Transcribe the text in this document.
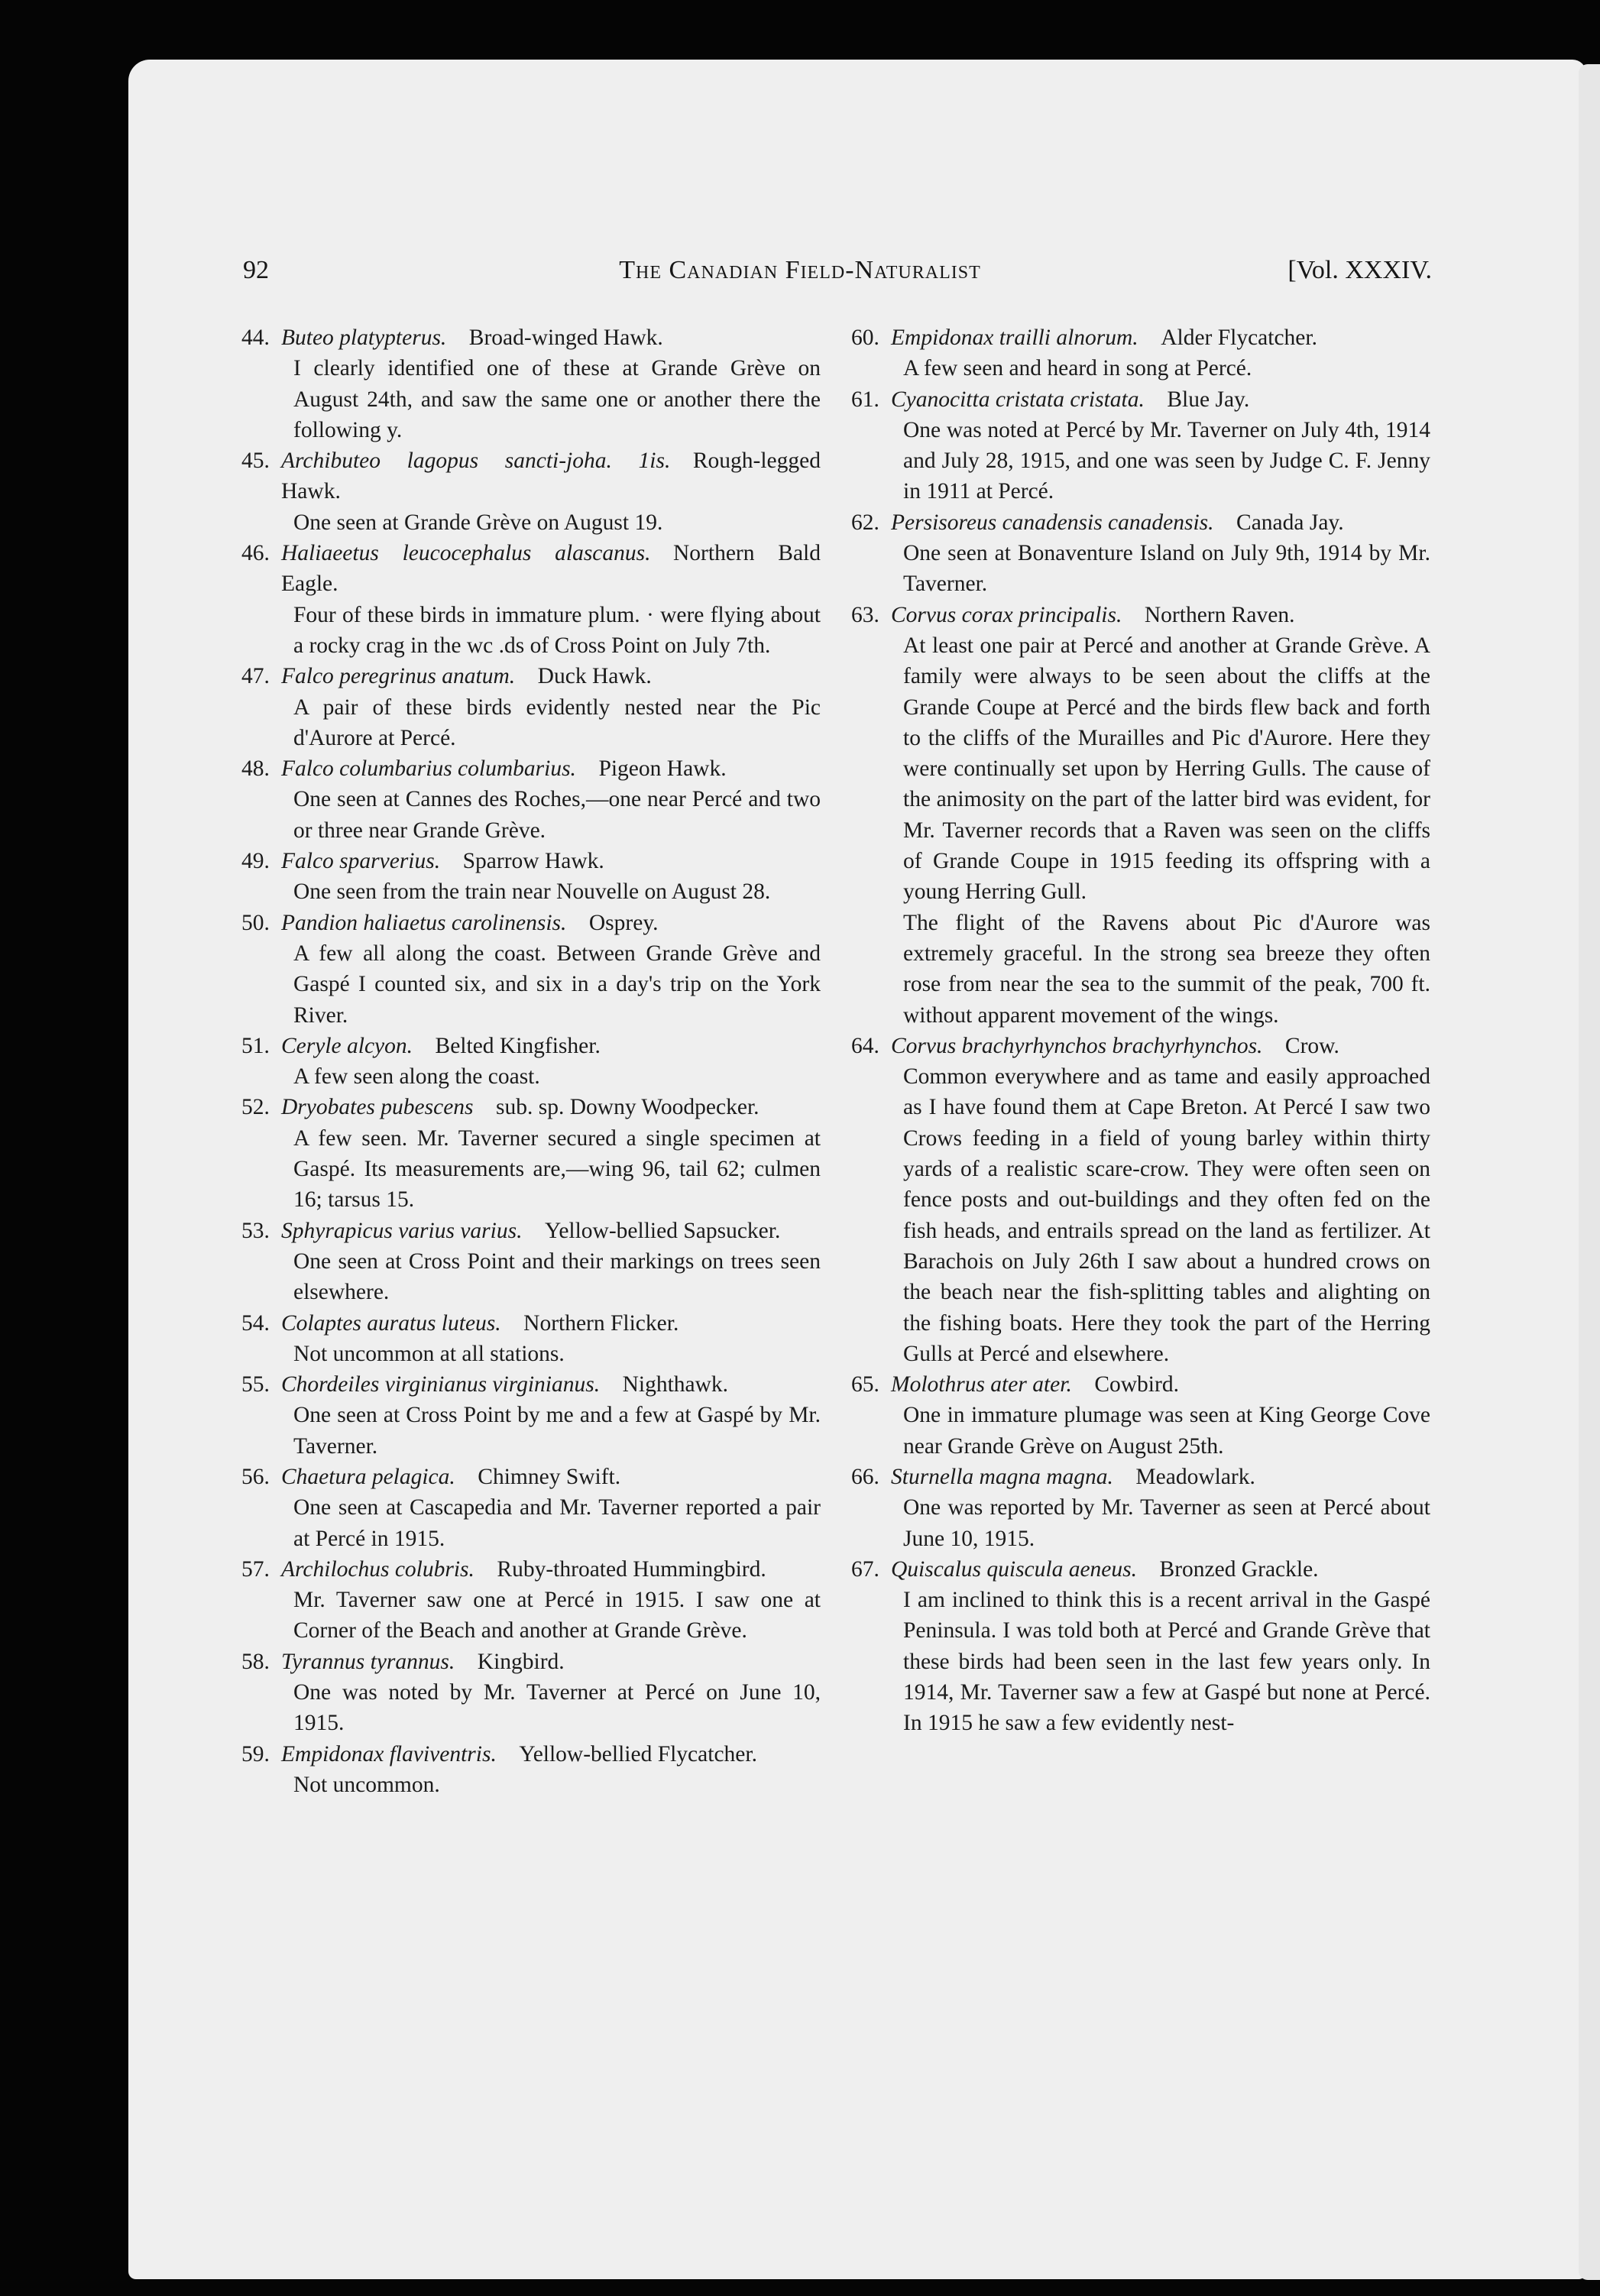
92	The Canadian Field-Naturalist	[Vol. XXXIV.
44. Buteo platypterus.  Broad-winged Hawk.

I clearly identified one of these at Grande Grève on August 24th, and saw the same one or another there the following y.

45. Archibuteo lagopus sancti-joha. 1is.  Rough-legged Hawk.

One seen at Grande Grève on August 19.

46. Haliaeetus leucocephalus alascanus.  Northern Bald Eagle.

Four of these birds in immature plum. · were flying about a rocky crag in the wc .ds of Cross Point on July 7th.

47. Falco peregrinus anatum.  Duck Hawk.

A pair of these birds evidently nested near the Pic d'Aurore at Percé.

48. Falco columbarius columbarius.  Pigeon Hawk.

One seen at Cannes des Roches,—one near Percé and two or three near Grande Grève.

49. Falco sparverius.  Sparrow Hawk.

One seen from the train near Nouvelle on August 28.

50. Pandion haliaetus carolinensis.  Osprey.

A few all along the coast. Between Grande Grève and Gaspé I counted six, and six in a day's trip on the York River.

51. Ceryle alcyon.  Belted Kingfisher.

A few seen along the coast.

52. Dryobates pubescens  sub. sp. Downy Woodpecker.

A few seen. Mr. Taverner secured a single specimen at Gaspé. Its measurements are,—wing 96, tail 62; culmen 16; tarsus 15.

53. Sphyrapicus varius varius.  Yellow-bellied Sapsucker.

One seen at Cross Point and their markings on trees seen elsewhere.

54. Colaptes auratus luteus.  Northern Flicker.

Not uncommon at all stations.

55. Chordeiles virginianus virginianus.  Nighthawk.

One seen at Cross Point by me and a few at Gaspé by Mr. Taverner.

56. Chaetura pelagica.  Chimney Swift.

One seen at Cascapedia and Mr. Taverner reported a pair at Percé in 1915.

57. Archilochus colubris.  Ruby-throated Hummingbird.

Mr. Taverner saw one at Percé in 1915. I saw one at Corner of the Beach and another at Grande Grève.

58. Tyrannus tyrannus.  Kingbird.

One was noted by Mr. Taverner at Percé on June 10, 1915.

59. Empidonax flaviventris.  Yellow-bellied Flycatcher.

Not uncommon.

60. Empidonax trailli alnorum.  Alder Flycatcher.

A few seen and heard in song at Percé.

61. Cyanocitta cristata cristata.  Blue Jay.

One was noted at Percé by Mr. Taverner on July 4th, 1914 and July 28, 1915, and one was seen by Judge C. F. Jenny in 1911 at Percé.

62. Persisoreus canadensis canadensis.  Canada Jay.

One seen at Bonaventure Island on July 9th, 1914 by Mr. Taverner.

63. Corvus corax principalis.  Northern Raven.

At least one pair at Percé and another at Grande Grève. A family were always to be seen about the cliffs at the Grande Coupe at Percé and the birds flew back and forth to the cliffs of the Murailles and Pic d'Aurore. Here they were continually set upon by Herring Gulls. The cause of the animosity on the part of the latter bird was evident, for Mr. Taverner records that a Raven was seen on the cliffs of Grande Coupe in 1915 feeding its offspring with a young Herring Gull.

The flight of the Ravens about Pic d'Aurore was extremely graceful. In the strong sea breeze they often rose from near the sea to the summit of the peak, 700 ft. without apparent movement of the wings.

64. Corvus brachyrhynchos brachyrhynchos.  Crow.

Common everywhere and as tame and easily approached as I have found them at Cape Breton. At Percé I saw two Crows feeding in a field of young barley within thirty yards of a realistic scare-crow. They were often seen on fence posts and out-buildings and they often fed on the fish heads, and entrails spread on the land as fertilizer. At Barachois on July 26th I saw about a hundred crows on the beach near the fish-splitting tables and alighting on the fishing boats. Here they took the part of the Herring Gulls at Percé and elsewhere.

65. Molothrus ater ater.  Cowbird.

One in immature plumage was seen at King George Cove near Grande Grève on August 25th.

66. Sturnella magna magna.  Meadowlark.

One was reported by Mr. Taverner as seen at Percé about June 10, 1915.

67. Quiscalus quiscula aeneus.  Bronzed Grackle.

I am inclined to think this is a recent arrival in the Gaspé Peninsula. I was told both at Percé and Grande Grève that these birds had been seen in the last few years only. In 1914, Mr. Taverner saw a few at Gaspé but none at Percé. In 1915 he saw a few evidently nest-
